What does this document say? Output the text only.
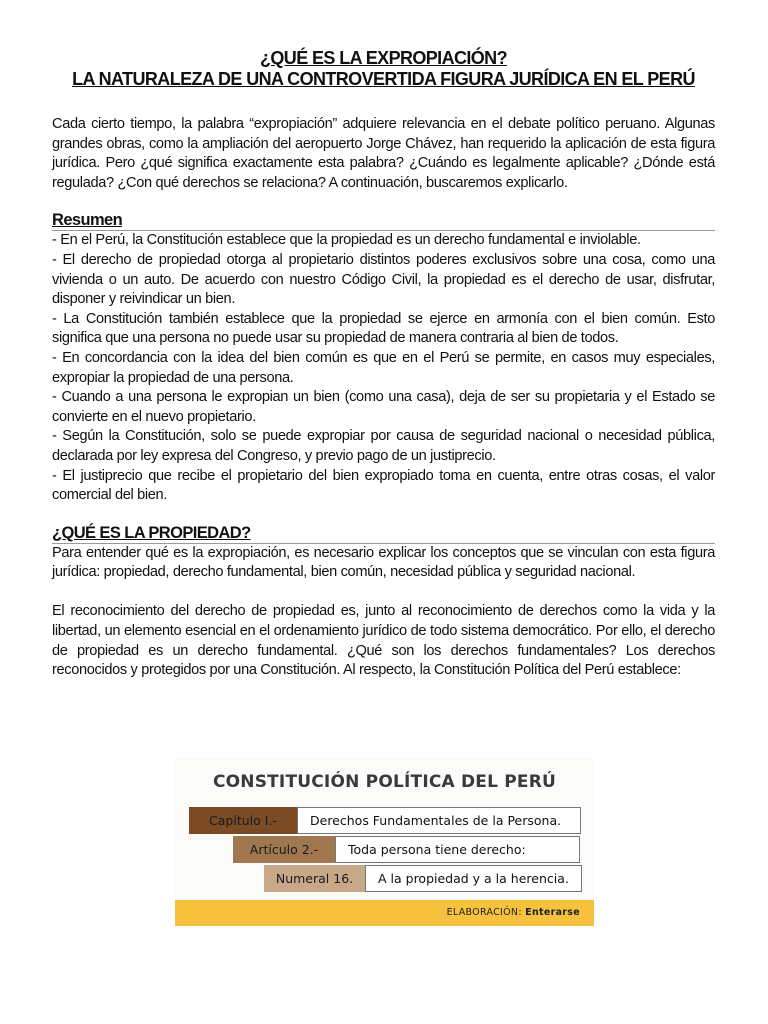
¿QUÉ ES LA EXPROPIACIÓN?

LA NATURALEZA DE UNA CONTROVERTIDA FIGURA JURÍDICA EN EL PERÚ

Cada cierto tiempo, la palabra “expropiación” adquiere relevancia en el debate político peruano. Algunas grandes obras, como la ampliación del aeropuerto Jorge Chávez, han requerido la aplicación de esta figura jurídica. Pero ¿qué significa exactamente esta palabra? ¿Cuándo es legalmente aplicable? ¿Dónde está regulada? ¿Con qué derechos se relaciona? A continuación, buscaremos explicarlo.

Resumen

- En el Perú, la Constitución establece que la propiedad es un derecho fundamental e inviolable.

- El derecho de propiedad otorga al propietario distintos poderes exclusivos sobre una cosa, como una vivienda o un auto. De acuerdo con nuestro Código Civil, la propiedad es el derecho de usar, disfrutar, disponer y reivindicar un bien.

- La Constitución también establece que la propiedad se ejerce en armonía con el bien común. Esto significa que una persona no puede usar su propiedad de manera contraria al bien de todos.

- En concordancia con la idea del bien común es que en el Perú se permite, en casos muy especiales, expropiar la propiedad de una persona.

- Cuando a una persona le expropian un bien (como una casa), deja de ser su propietaria y el Estado se convierte en el nuevo propietario.

- Según la Constitución, solo se puede expropiar por causa de seguridad nacional o necesidad pública, declarada por ley expresa del Congreso, y previo pago de un justiprecio.

- El justiprecio que recibe el propietario del bien expropiado toma en cuenta, entre otras cosas, el valor comercial del bien.

¿QUÉ ES LA PROPIEDAD?

Para entender qué es la expropiación, es necesario explicar los conceptos que se vinculan con esta figura jurídica: propiedad, derecho fundamental, bien común, necesidad pública y seguridad nacional.

El reconocimiento del derecho de propiedad es, junto al reconocimiento de derechos como la vida y la libertad, un elemento esencial en el ordenamiento jurídico de todo sistema democrático. Por ello, el derecho de propiedad es un derecho fundamental. ¿Qué son los derechos fundamentales? Los derechos reconocidos y protegidos por una Constitución. Al respecto, la Constitución Política del Perú establece:

CONSTITUCIÓN POLÍTICA DEL PERÚ
Capítulo I.-	Derechos Fundamentales de la Persona.
Artículo 2.-	Toda persona tiene derecho:
Numeral 16.	A la propiedad y a la herencia.
ELABORACIÓN: Enterarse
